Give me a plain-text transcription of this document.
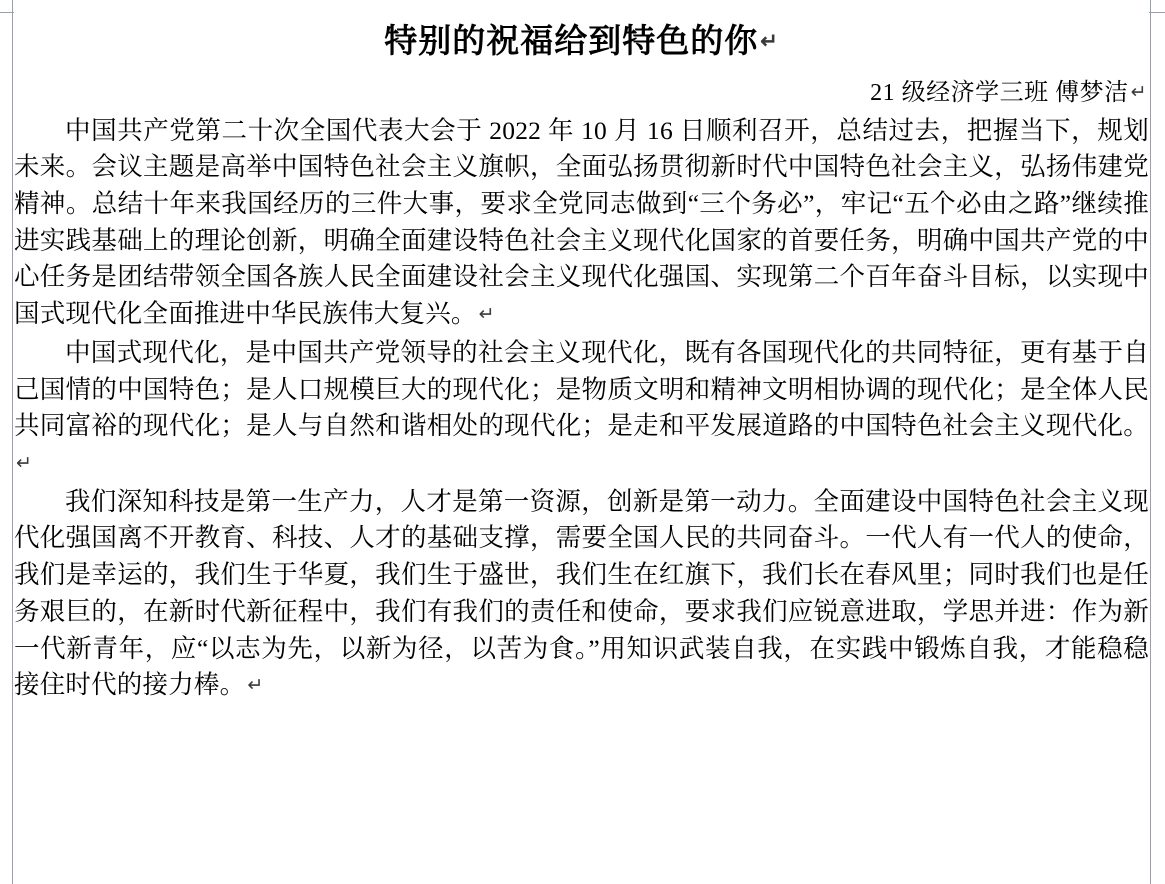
特别的祝福给到特色的你↵
21 级经济学三班 傅梦洁 ↵

中国共产党第二十次全国代表大会于 2022 年 10 月 16 日顺利召开，总结过去，把握当下，规划未来。会议主题是高举中国特色社会主义旗帜，全面弘扬贯彻新时代中国特色社会主义，弘扬伟建党精神。总结十年来我国经历的三件大事，要求全党同志做到“三个务必”，牢记“五个必由之路”继续推进实践基础上的理论创新，明确全面建设特色社会主义现代化国家的首要任务，明确中国共产党的中心任务是团结带领全国各族人民全面建设社会主义现代化强国、实现第二个百年奋斗目标，以实现中国式现代化全面推进中华民族伟大复兴。 ↵

中国式现代化，是中国共产党领导的社会主义现代化，既有各国现代化的共同特征，更有基于自己国情的中国特色；是人口规模巨大的现代化；是物质文明和精神文明相协调的现代化；是全体人民共同富裕的现代化；是人与自然和谐相处的现代化；是走和平发展道路的中国特色社会主义现代化。↵

我们深知科技是第一生产力，人才是第一资源，创新是第一动力。全面建设中国特色社会主义现代化强国离不开教育、科技、人才的基础支撑，需要全国人民的共同奋斗。一代人有一代人的使命，我们是幸运的，我们生于华夏，我们生于盛世，我们生在红旗下，我们长在春风里；同时我们也是任务艰巨的，在新时代新征程中，我们有我们的责任和使命，要求我们应锐意进取，学思并进：作为新一代新青年，应“以志为先，以新为径，以苦为食。”用知识武装自我，在实践中锻炼自我，才能稳稳接住时代的接力棒。 ↵
